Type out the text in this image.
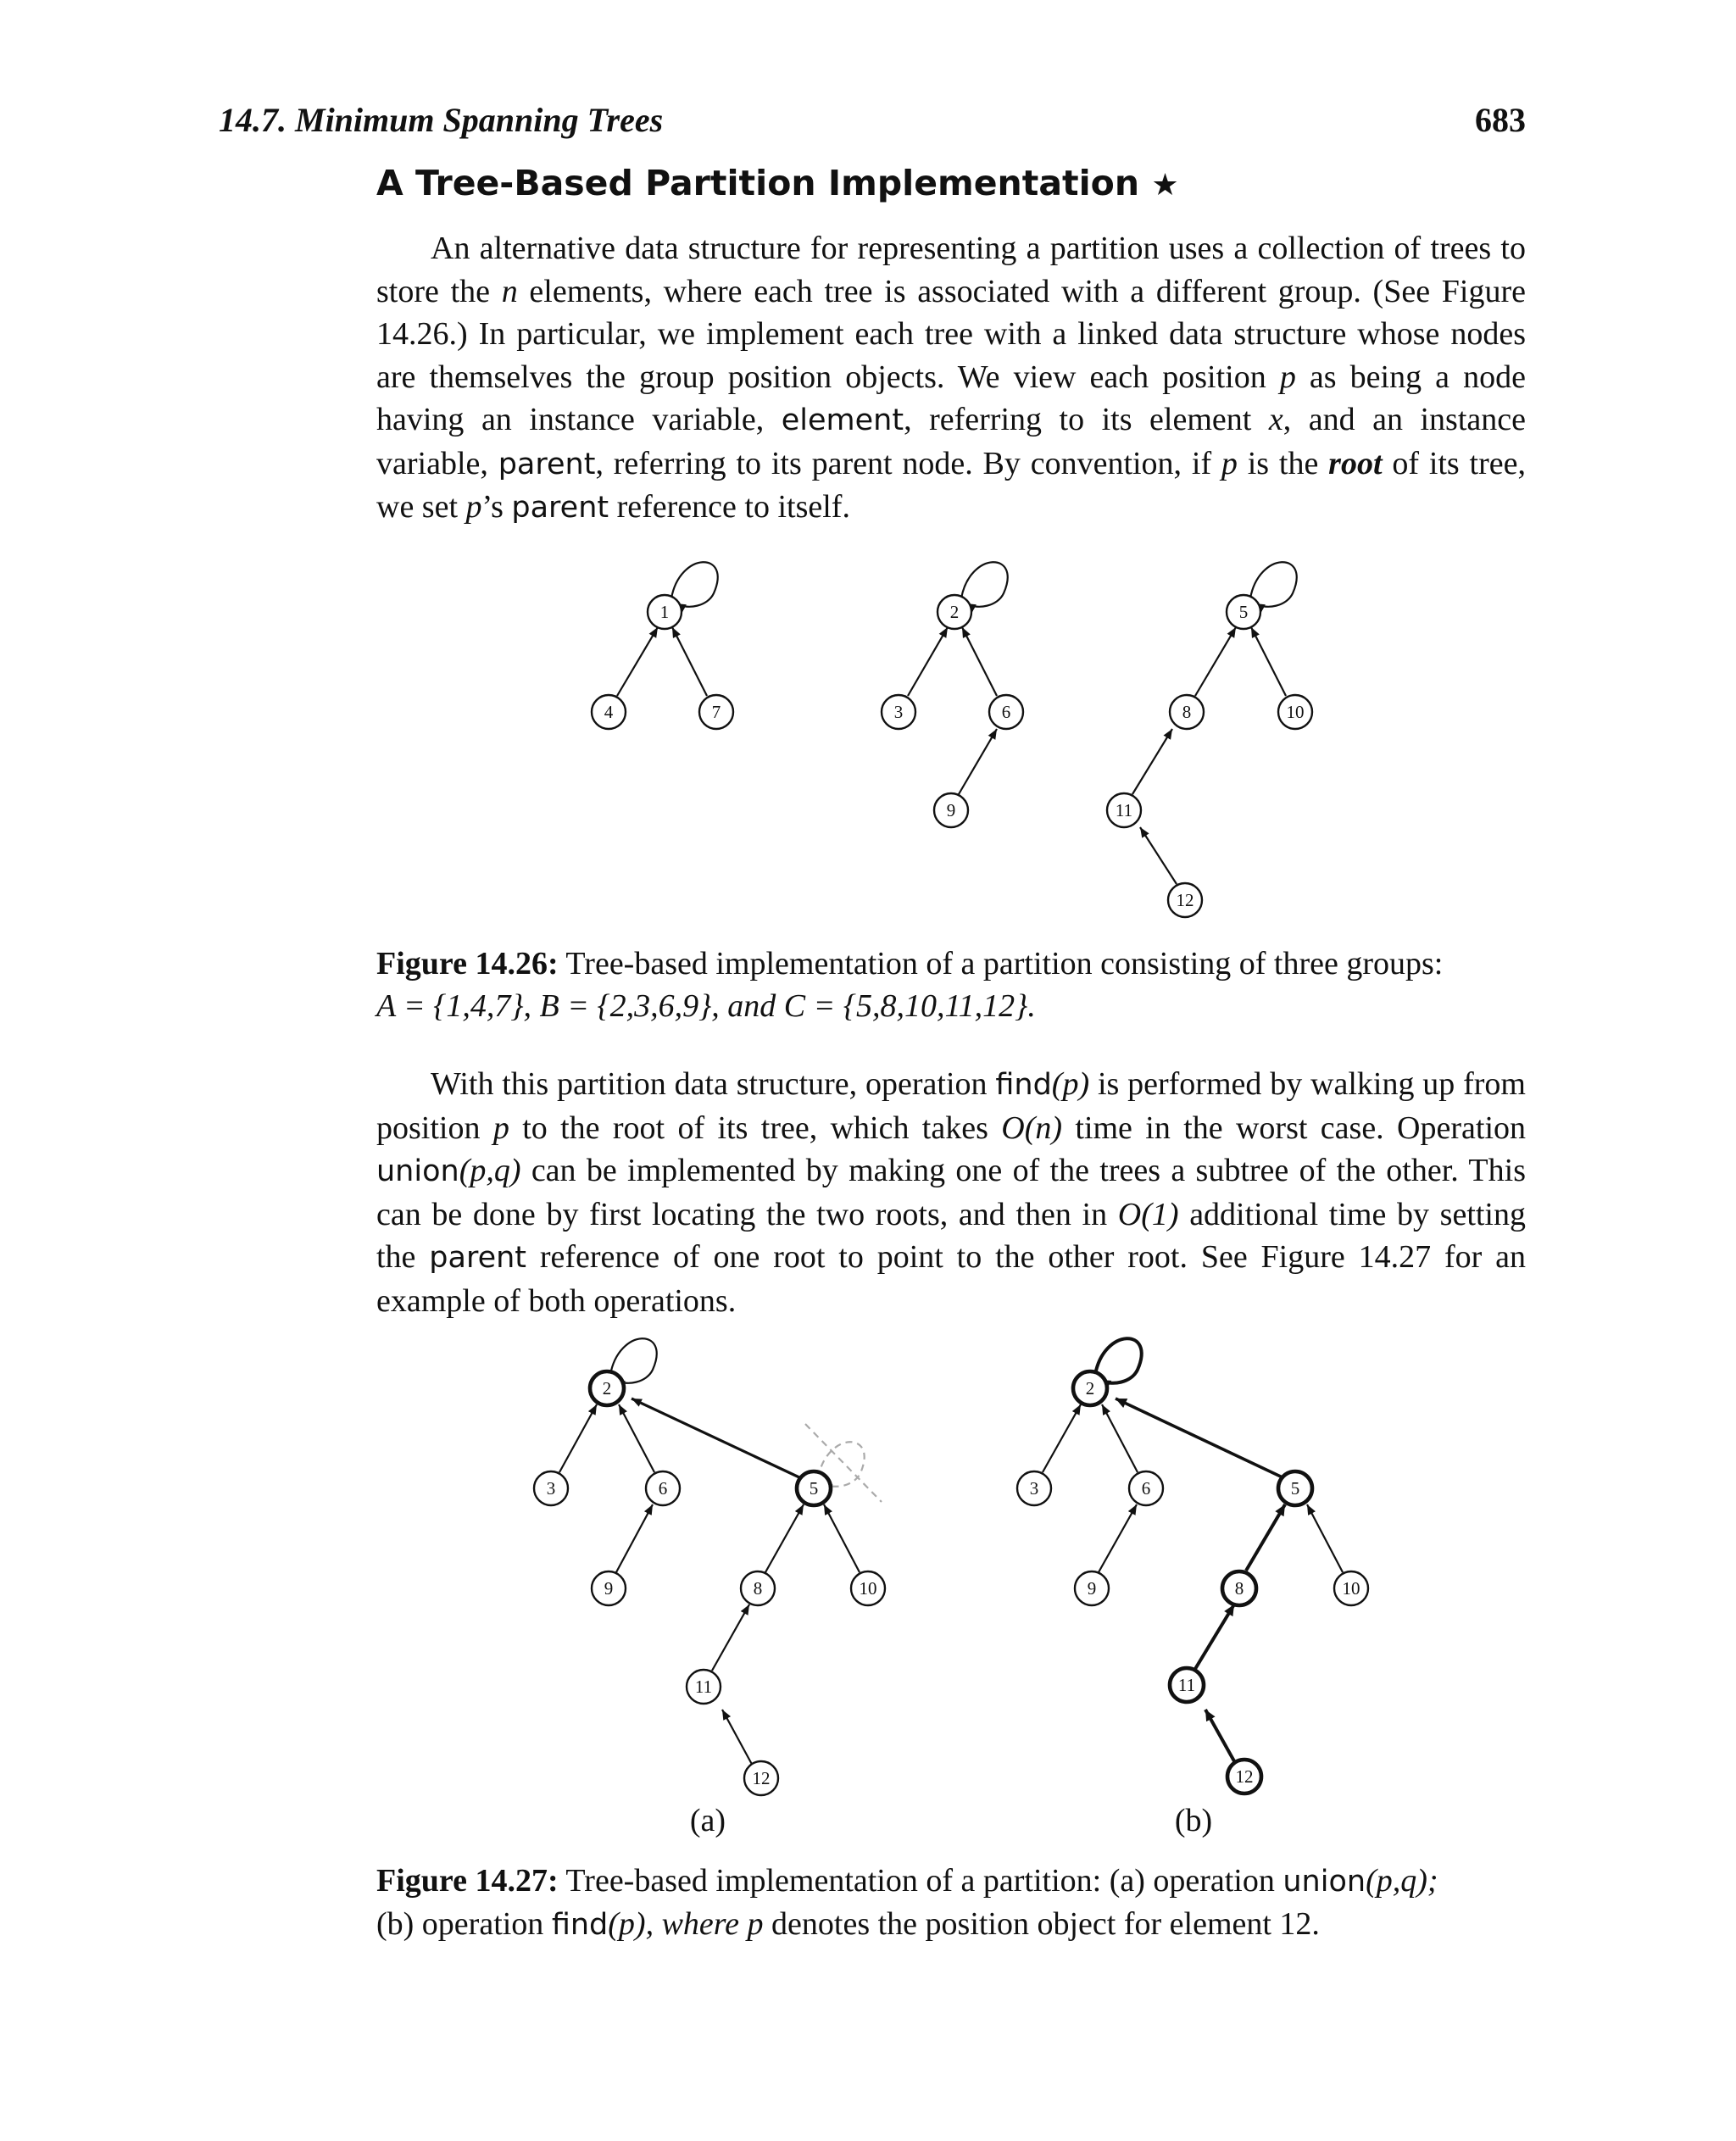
14.7. Minimum Spanning Trees	683
A Tree-Based Partition Implementation ★

An alternative data structure for representing a partition uses a collection of trees to store the n elements, where each tree is associated with a different group. (See Figure 14.26.) In particular, we implement each tree with a linked data structure whose nodes are themselves the group position objects. We view each position p as being a node having an instance variable, element, referring to its element x, and an instance variable, parent, referring to its parent node. By convention, if p is the root of its tree, we set p’s parent reference to itself.

1
4	7
2
3	6
9
5
8	10
11
12
Figure 14.26: Tree-based implementation of a partition consisting of three groups:
A = {1,4,7}, B = {2,3,6,9}, and C = {5,8,10,11,12}.

With this partition data structure, operation find(p) is performed by walking up from position p to the root of its tree, which takes O(n) time in the worst case. Operation union(p,q) can be implemented by making one of the trees a subtree of the other. This can be done by first locating the two roots, and then in O(1) additional time by setting the parent reference of one root to point to the other root. See Figure 14.27 for an example of both operations.

2
3	6
9
5
8	10
11
12
(a)
2
3	6
9
5
8	10
11
12
(b)
Figure 14.27: Tree-based implementation of a partition: (a) operation union(p,q);
(b) operation find(p), where p denotes the position object for element 12.
